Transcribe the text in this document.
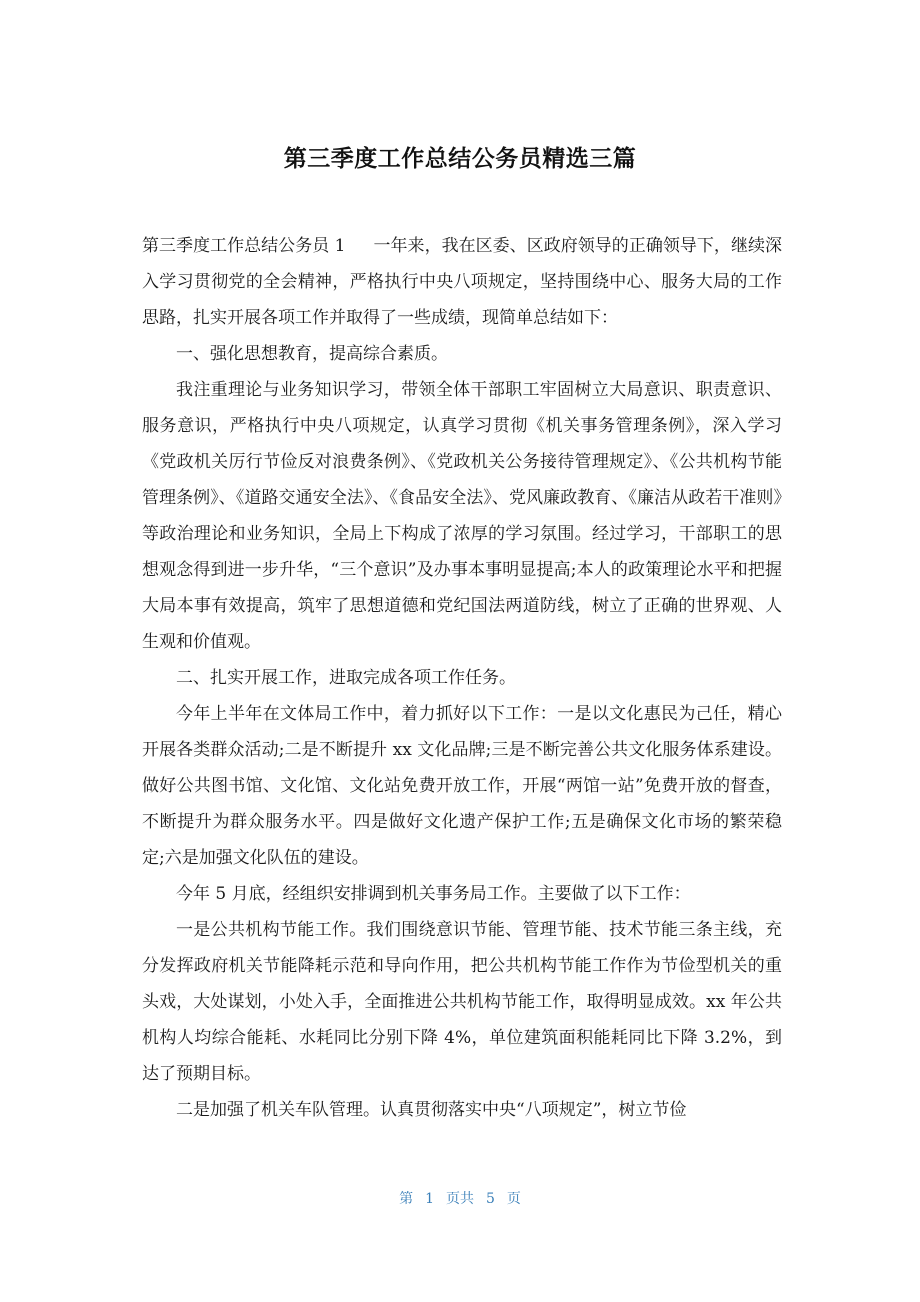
第三季度工作总结公务员精选三篇

第三季度工作总结公务员 1 一年来，我在区委、区政府领导的正确领导下，继续深入学习贯彻党的全会精神，严格执行中央八项规定，坚持围绕中心、服务大局的工作思路，扎实开展各项工作并取得了一些成绩，现简单总结如下：

一、强化思想教育，提高综合素质。

我注重理论与业务知识学习，带领全体干部职工牢固树立大局意识、职责意识、服务意识，严格执行中央八项规定，认真学习贯彻《机关事务管理条例》，深入学习《党政机关厉行节俭反对浪费条例》、《党政机关公务接待管理规定》、《公共机构节能管理条例》、《道路交通安全法》、《食品安全法》、党风廉政教育、《廉洁从政若干准则》等政治理论和业务知识，全局上下构成了浓厚的学习氛围。经过学习，干部职工的思想观念得到进一步升华，“三个意识”及办事本事明显提高;本人的政策理论水平和把握大局本事有效提高，筑牢了思想道德和党纪国法两道防线，树立了正确的世界观、人生观和价值观。

二、扎实开展工作，进取完成各项工作任务。

今年上半年在文体局工作中，着力抓好以下工作：一是以文化惠民为己任，精心开展各类群众活动;二是不断提升 xx 文化品牌;三是不断完善公共文化服务体系建设。做好公共图书馆、文化馆、文化站免费开放工作，开展“两馆一站”免费开放的督查，不断提升为群众服务水平。四是做好文化遗产保护工作;五是确保文化市场的繁荣稳定;六是加强文化队伍的建设。

今年 5 月底，经组织安排调到机关事务局工作。主要做了以下工作：

一是公共机构节能工作。我们围绕意识节能、管理节能、技术节能三条主线，充分发挥政府机关节能降耗示范和导向作用，把公共机构节能工作作为节俭型机关的重头戏，大处谋划，小处入手，全面推进公共机构节能工作，取得明显成效。xx 年公共机构人均综合能耗、水耗同比分别下降 4%，单位建筑面积能耗同比下降 3.2%，到达了预期目标。

二是加强了机关车队管理。认真贯彻落实中央“八项规定”，树立节俭

第 1 页共 5 页
